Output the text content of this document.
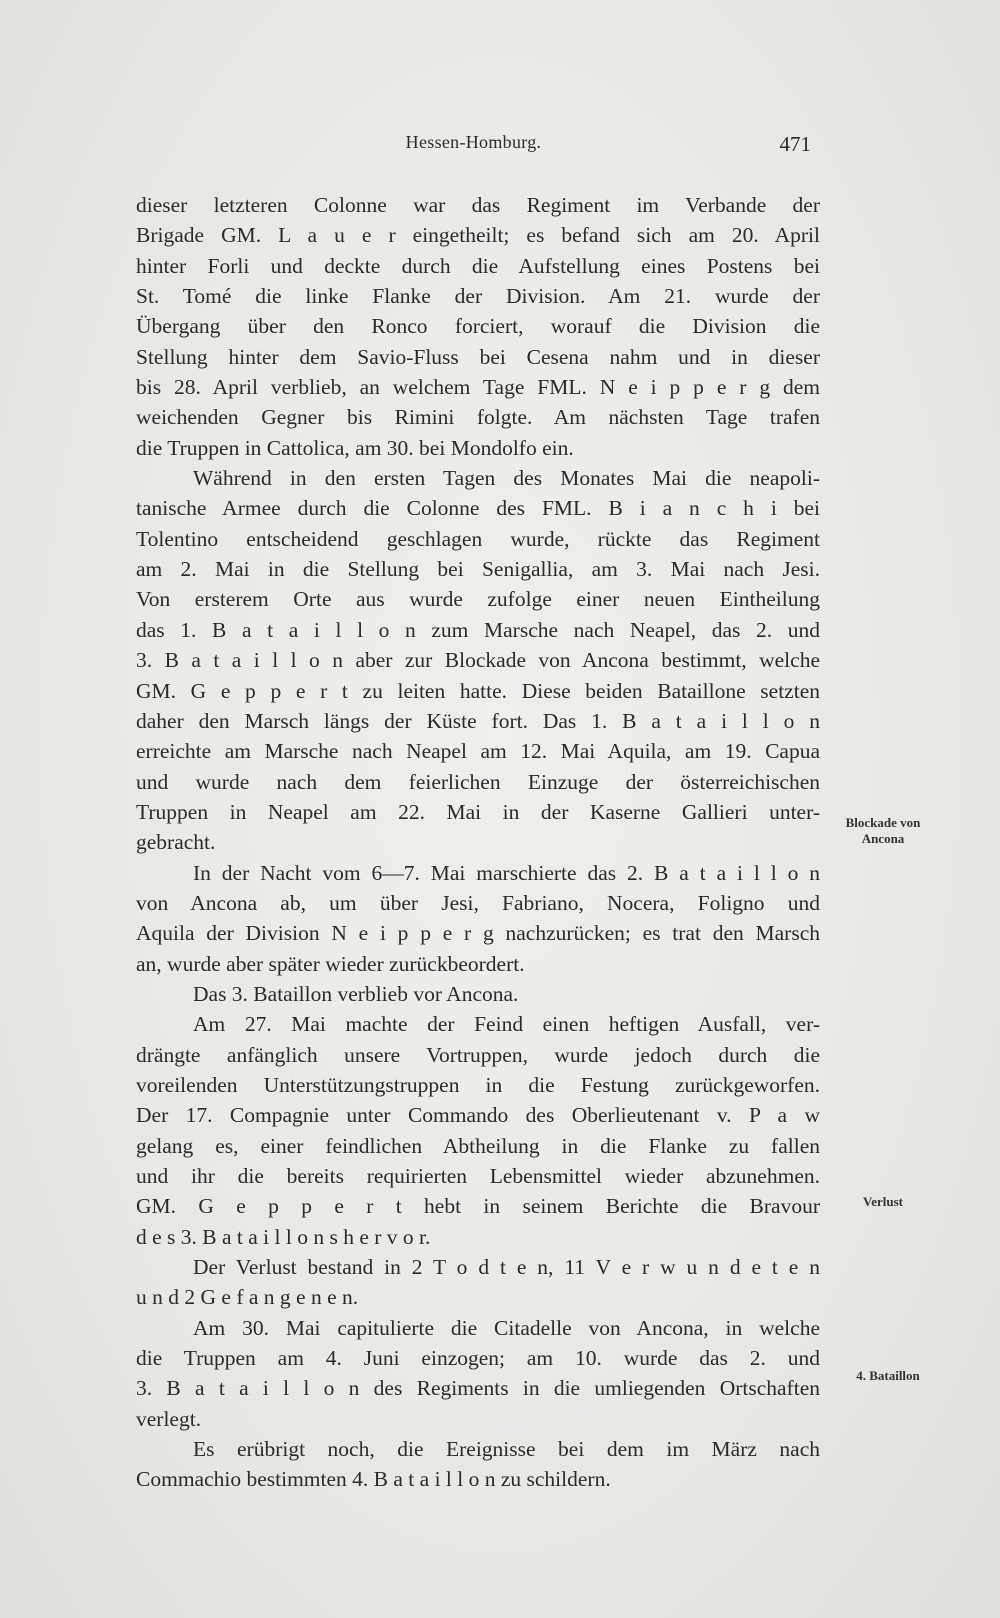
Hessen-Homburg.	471
dieser letzteren Colonne war das Regiment im Verbande der
Brigade GM. L a u e r eingetheilt; es befand sich am 20. April
hinter Forli und deckte durch die Aufstellung eines Postens bei
St. Tomé die linke Flanke der Division. Am 21. wurde der
Übergang über den Ronco forciert, worauf die Division die
Stellung hinter dem Savio-Fluss bei Cesena nahm und in dieser
bis 28. April verblieb, an welchem Tage FML. N e i p p e r g dem
weichenden Gegner bis Rimini folgte. Am nächsten Tage trafen
die Truppen in Cattolica, am 30. bei Mondolfo ein.
Während in den ersten Tagen des Monates Mai die neapoli-
tanische Armee durch die Colonne des FML. B i a n c h i bei
Tolentino entscheidend geschlagen wurde, rückte das Regiment
am 2. Mai in die Stellung bei Senigallia, am 3. Mai nach Jesi.
Von ersterem Orte aus wurde zufolge einer neuen Eintheilung
das 1. B a t a i l l o n zum Marsche nach Neapel, das 2. und
3. B a t a i l l o n aber zur Blockade von Ancona bestimmt, welche
GM. G e p p e r t zu leiten hatte. Diese beiden Bataillone setzten
daher den Marsch längs der Küste fort. Das 1. B a t a i l l o n
erreichte am Marsche nach Neapel am 12. Mai Aquila, am 19. Capua
und wurde nach dem feierlichen Einzuge der österreichischen
Truppen in Neapel am 22. Mai in der Kaserne Gallieri unter-
gebracht.
In der Nacht vom 6—7. Mai marschierte das 2. B a t a i l l o n
von Ancona ab, um über Jesi, Fabriano, Nocera, Foligno und
Aquila der Division N e i p p e r g nachzurücken; es trat den Marsch
an, wurde aber später wieder zurückbeordert.
Das 3. Bataillon verblieb vor Ancona.
Am 27. Mai machte der Feind einen heftigen Ausfall, ver-
drängte anfänglich unsere Vortruppen, wurde jedoch durch die
voreilenden Unterstützungstruppen in die Festung zurückgeworfen.
Der 17. Compagnie unter Commando des Oberlieutenant v. P a w
gelang es, einer feindlichen Abtheilung in die Flanke zu fallen
und ihr die bereits requirierten Lebensmittel wieder abzunehmen.
GM. G e p p e r t hebt in seinem Berichte die Bravour
d e s 3. B a t a i l l o n s h e r v o r.
Der Verlust bestand in 2 T o d t e n, 11 V e r w u n d e t e n
u n d 2 G e f a n g e n e n.
Am 30. Mai capitulierte die Citadelle von Ancona, in welche
die Truppen am 4. Juni einzogen; am 10. wurde das 2. und
3. B a t a i l l o n des Regiments in die umliegenden Ortschaften
verlegt.
Es erübrigt noch, die Ereignisse bei dem im März nach
Commachio bestimmten 4. B a t a i l l o n zu schildern.
Blockade von
Ancona
Verlust
4. Bataillon
